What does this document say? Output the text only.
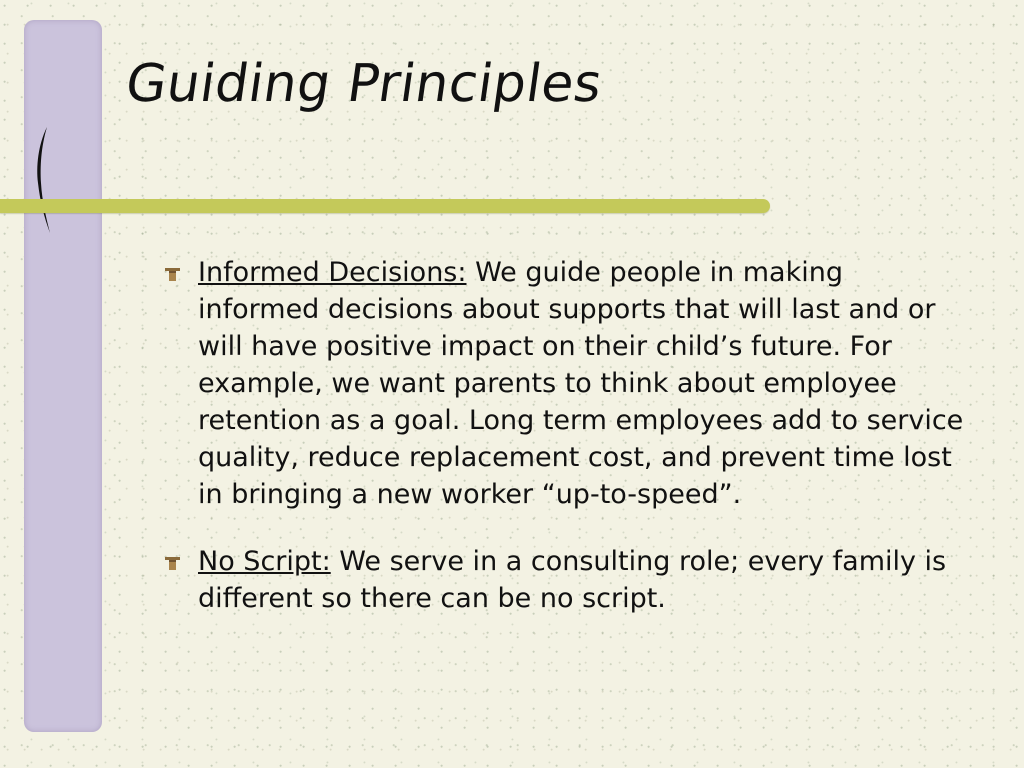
Guiding Principles
Informed Decisions: We guide people in making informed decisions about supports that will last and or will have positive impact on their child’s future. For example, we want parents to think about employee retention as a goal. Long term employees add to service quality, reduce replacement cost, and prevent time lost in bringing a new worker “up-to-speed”.
No Script: We serve in a consulting role; every family is different so there can be no script.
